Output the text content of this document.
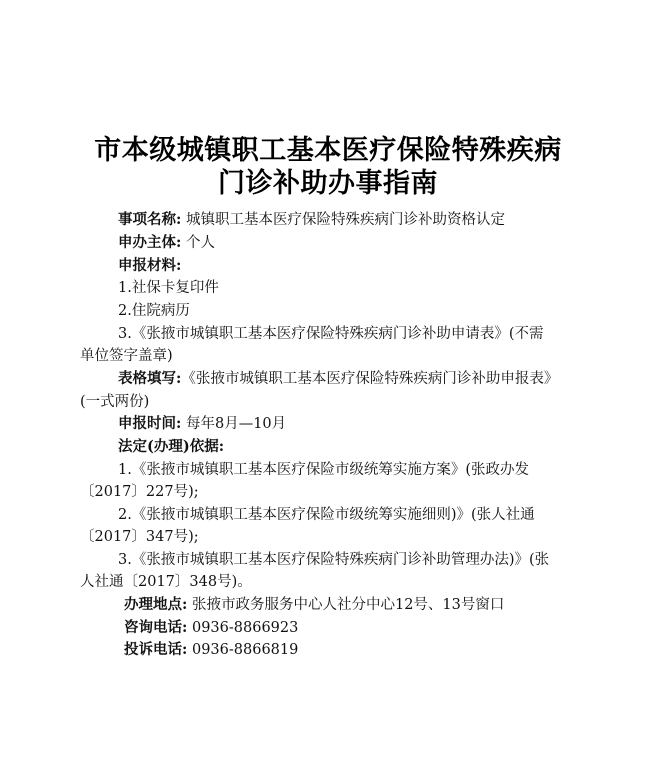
市本级城镇职工基本医疗保险特殊疾病
门诊补助办事指南
事项名称: 城镇职工基本医疗保险特殊疾病门诊补助资格认定
申办主体: 个人
申报材料:
1.社保卡复印件
2.住院病历
3.《张掖市城镇职工基本医疗保险特殊疾病门诊补助申请表》(不需
单位签字盖章)
表格填写:《张掖市城镇职工基本医疗保险特殊疾病门诊补助申报表》
(一式两份)
申报时间: 每年8月—10月
法定(办理)依据:
1.《张掖市城镇职工基本医疗保险市级统筹实施方案》(张政办发
〔2017〕227号);
2.《张掖市城镇职工基本医疗保险市级统筹实施细则)》(张人社通
〔2017〕347号);
3.《张掖市城镇职工基本医疗保险特殊疾病门诊补助管理办法)》(张
人社通〔2017〕348号)。
办理地点: 张掖市政务服务中心人社分中心12号、13号窗口
咨询电话: 0936-8866923
投诉电话: 0936-8866819
